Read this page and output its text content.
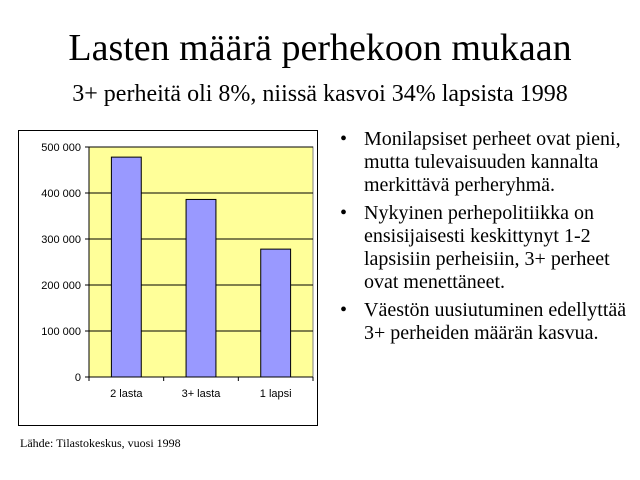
Lasten määrä perhekoon mukaan
3+ perheitä oli 8%, niissä kasvoi 34% lapsista 1998
0
100 000
200 000
300 000
400 000
500 000
2 lasta	3+ lasta	1 lapsi
Lähde: Tilastokeskus, vuosi 1998
• Monilapsiset perheet ovat pieni, mutta tulevaisuuden kannalta merkittävä perheryhmä.
• Nykyinen perhepolitiikka on ensisijaisesti keskittynyt 1-2 lapsisiin perheisiin, 3+ perheet ovat menettäneet.
• Väestön uusiutuminen edellyttää 3+ perheiden määrän kasvua.
